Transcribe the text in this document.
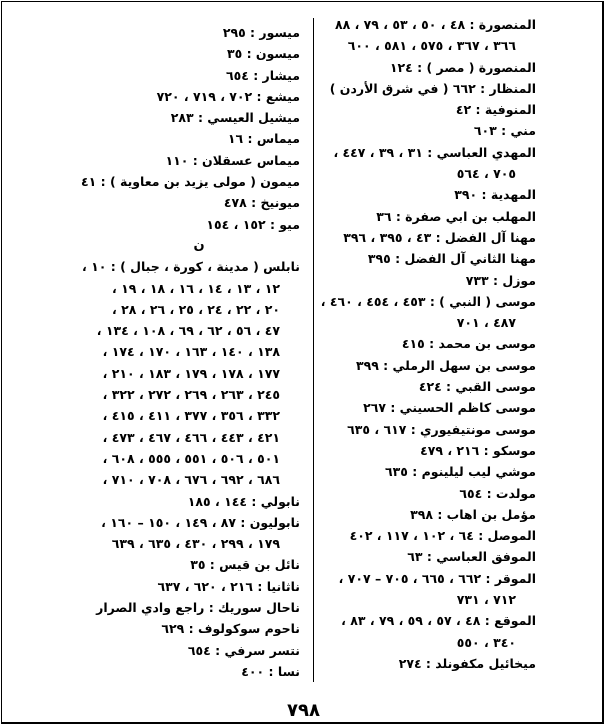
المنصورة : ٤٨ ، ٥٠ ، ٥٣ ، ٧٩ ، ٨٨
٣٦٦ ، ٣٦٧ ، ٥٧٥ ، ٥٨١ ، ٦٠٠
المنصورة ( مصر ) : ١٢٤
المنظار : ٦٦٢ ( في شرق الأردن )
المنوفية : ٤٢
مني : ٦٠٣
المهدي العباسي : ٣١ ، ٣٩ ، ٤٤٧ ،
٧٠٥ ، ٥٦٤
المهدية : ٣٩٠
المهلب بن ابي صفرة : ٣٦
مهنا آل الفضل : ٤٣ ، ٣٩٥ ، ٣٩٦
مهنا الثاني آل الفضل : ٣٩٥
موزل : ٧٣٣
موسى ( النبي ) : ٤٥٣ ، ٤٥٤ ، ٤٦٠ ،
٤٨٧ ، ٧٠١
موسى بن محمد : ٤١٥
موسى بن سهل الرملي : ٣٩٩
موسى القبي : ٤٢٤
موسى كاظم الحسيني : ٢٦٧
موسى مونتيفيوري : ٦١٧ ، ٦٣٥
موسكو : ٢١٦ ، ٤٧٩
موشي ليب ليلينوم : ٦٣٥
مولدت : ٦٥٤
مؤمل بن اهاب : ٣٩٨
الموصل : ٦٤ ، ١٠٢ ، ١١٧ ، ٤٠٢
الموفق العباسي : ٦٣
الموقر : ٦٦٢ ، ٦٦٥ ، ٧٠٥ – ٧٠٧ ،
٧١٢ ، ٧٣١
الموقع : ٤٨ ، ٥٧ ، ٥٩ ، ٧٩ ، ٨٣ ،
٣٤٠ ، ٥٥٠
ميخائيل مكفونلد : ٢٧٤
ميسور : ٢٩٥
ميسون : ٣٥
ميشار : ٦٥٤
ميشع : ٧٠٢ ، ٧١٩ ، ٧٢٠
ميشيل العيسي : ٢٨٣
ميماس : ١٦
ميماس عسقلان : ١١٠
ميمون ( مولى يزيد بن معاوية ) : ٤١
ميونيخ : ٤٧٨
ميو : ١٥٢ ، ١٥٤
ن
نابلس ( مدينة ، كورة ، جبال ) : ١٠ ،
١٢ ، ١٣ ، ١٤ ، ١٦ ، ١٨ ، ١٩ ،
٢٠ ، ٢٢ ، ٢٤ ، ٢٥ ، ٢٦ ، ٢٨ ،
٤٧ ، ٥٦ ، ٦٢ ، ٦٩ ، ١٠٨ ، ١٣٤ ،
١٣٨ ، ١٤٠ ، ١٦٣ ، ١٧٠ ، ١٧٤ ،
١٧٧ ، ١٧٨ ، ١٧٩ ، ١٨٣ ، ٢١٠ ،
٢٤٥ ، ٢٦٣ ، ٢٦٩ ، ٢٧٢ ، ٣٢٢ ،
٣٣٢ ، ٣٥٦ ، ٣٧٧ ، ٤١١ ، ٤١٥ ،
٤٢١ ، ٤٤٣ ، ٤٦٦ ، ٤٦٧ ، ٤٧٣ ،
٥٠١ ، ٥٠٦ ، ٥٥١ ، ٥٥٥ ، ٦٠٨ ،
٦٨٦ ، ٦٩٢ ، ٦٧٦ ، ٧٠٨ ، ٧١٠ ،
نابولي : ١٤٤ ، ١٨٥
نابوليون : ٨٧ ، ١٤٩ ، ١٥٠ – ١٦٠ ،
١٧٩ ، ٢٩٩ ، ٤٣٠ ، ٦٣٥ ، ٦٣٩
نائل بن قيس : ٣٥
ناثانيا : ٢١٦ ، ٦٢٠ ، ٦٣٧
ناحال سوريك : راجع وادي الصرار
ناحوم سوكولوف : ٦٢٩
نتسر سرفي : ٦٥٤
نسا : ٤٠٠
٧٩٨
